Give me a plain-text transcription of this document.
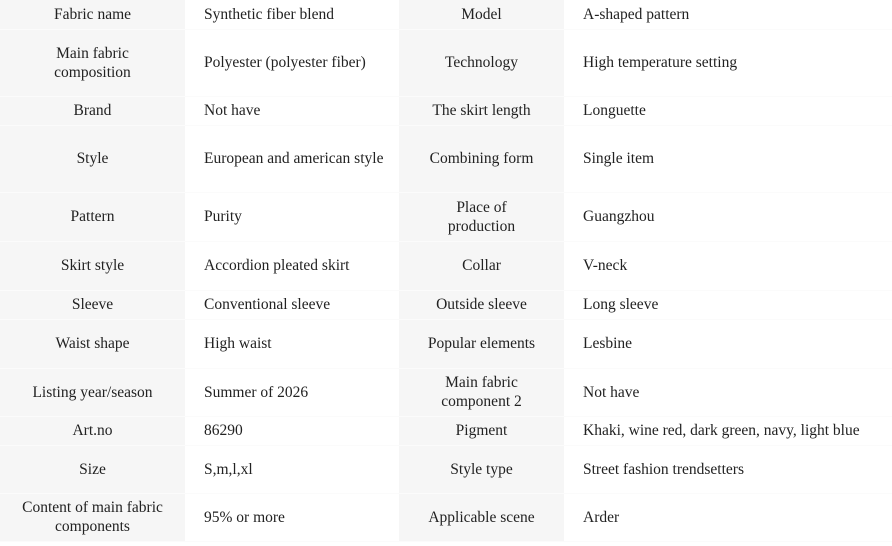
Fabric name	Synthetic fiber blend	Model	A-shaped pattern
Main fabric composition	Polyester (polyester fiber)	Technology	High temperature setting
Brand	Not have	The skirt length	Longuette
Style	European and american style	Combining form	Single item
Pattern	Purity	Place of production	Guangzhou
Skirt style	Accordion pleated skirt	Collar	V-neck
Sleeve	Conventional sleeve	Outside sleeve	Long sleeve
Waist shape	High waist	Popular elements	Lesbine
Listing year/season	Summer of 2026	Main fabric component 2	Not have
Art.no	86290	Pigment	Khaki, wine red, dark green, navy, light blue
Size	S,m,l,xl	Style type	Street fashion trendsetters
Content of main fabric components	95% or more	Applicable scene	Arder
